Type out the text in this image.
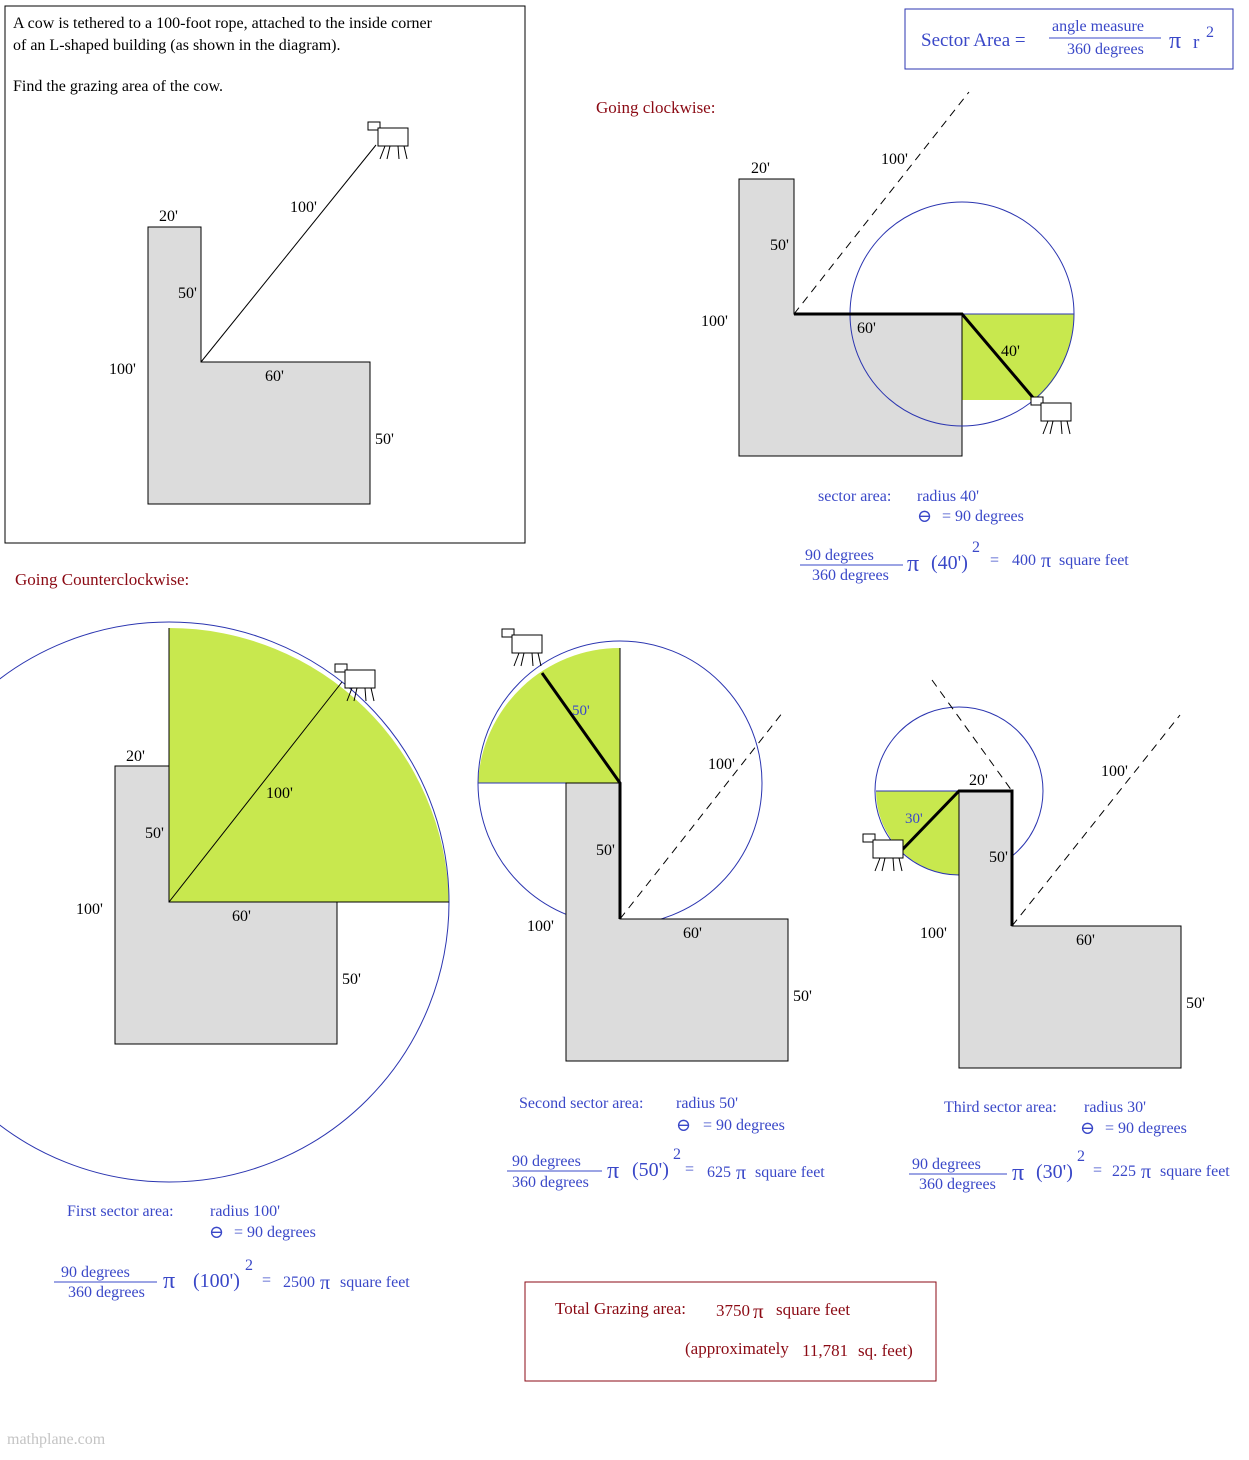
A cow is tethered to a 100-foot rope, attached to the inside corner
of an L-shaped building (as shown in the diagram).
Find the grazing area of the cow.
20'
50'
100'	60'
50'
100'
Sector Area =
angle measure
360 degrees π r 2
Going clockwise:
20'
50'
100'	60'
40'
100'
sector area: radius 40'
⊖ = 90 degrees
90 degrees
360 degrees π (40')
2
= 400 π square feet
Going Counterclockwise:
20'
50'
100'	60'
50'
100'
First sector area: radius 100'
⊖ = 90 degrees
90 degrees
360 degrees π (100')
2
= 2500 π square feet
50'
100'
50'
100'	60'
50'
Second sector area: radius 50'
⊖ = 90 degrees
90 degrees
360 degrees π (50')
2
= 625 π square feet
20'
100'
30'
50'
100'	60'
50'
Third sector area: radius 30'
⊖ = 90 degrees
90 degrees
360 degrees π (30')
2
= 225 π square feet
Total Grazing area: 3750 π square feet
(approximately 11,781 sq. feet)
mathplane.com
